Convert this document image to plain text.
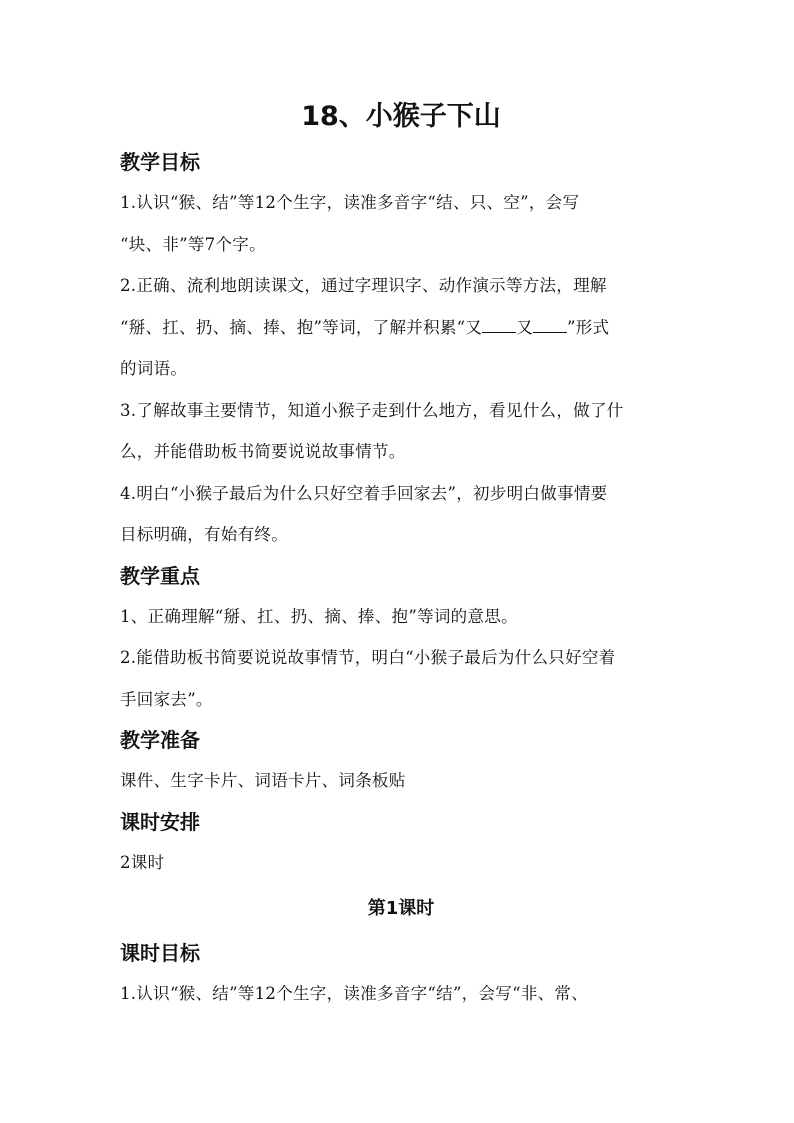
18、小猴子下山
教学目标
1.认识“猴、结”等12个生字，读准多音字“结、只、空”，会写
“块、非”等7个字。
2.正确、流利地朗读课文，通过字理识字、动作演示等方法，理解
“掰、扛、扔、摘、捧、抱”等词，了解并积累“又 又 ”形式
的词语。
3.了解故事主要情节，知道小猴子走到什么地方，看见什么，做了什
么，并能借助板书简要说说故事情节。
4.明白“小猴子最后为什么只好空着手回家去”，初步明白做事情要
目标明确，有始有终。
教学重点
1、正确理解“掰、扛、扔、摘、捧、抱”等词的意思。
2.能借助板书简要说说故事情节，明白“小猴子最后为什么只好空着
手回家去”。
教学准备
课件、生字卡片、词语卡片、词条板贴
课时安排
2课时
第1课时
课时目标
1.认识“猴、结”等12个生字，读准多音字“结”，会写“非、常、
